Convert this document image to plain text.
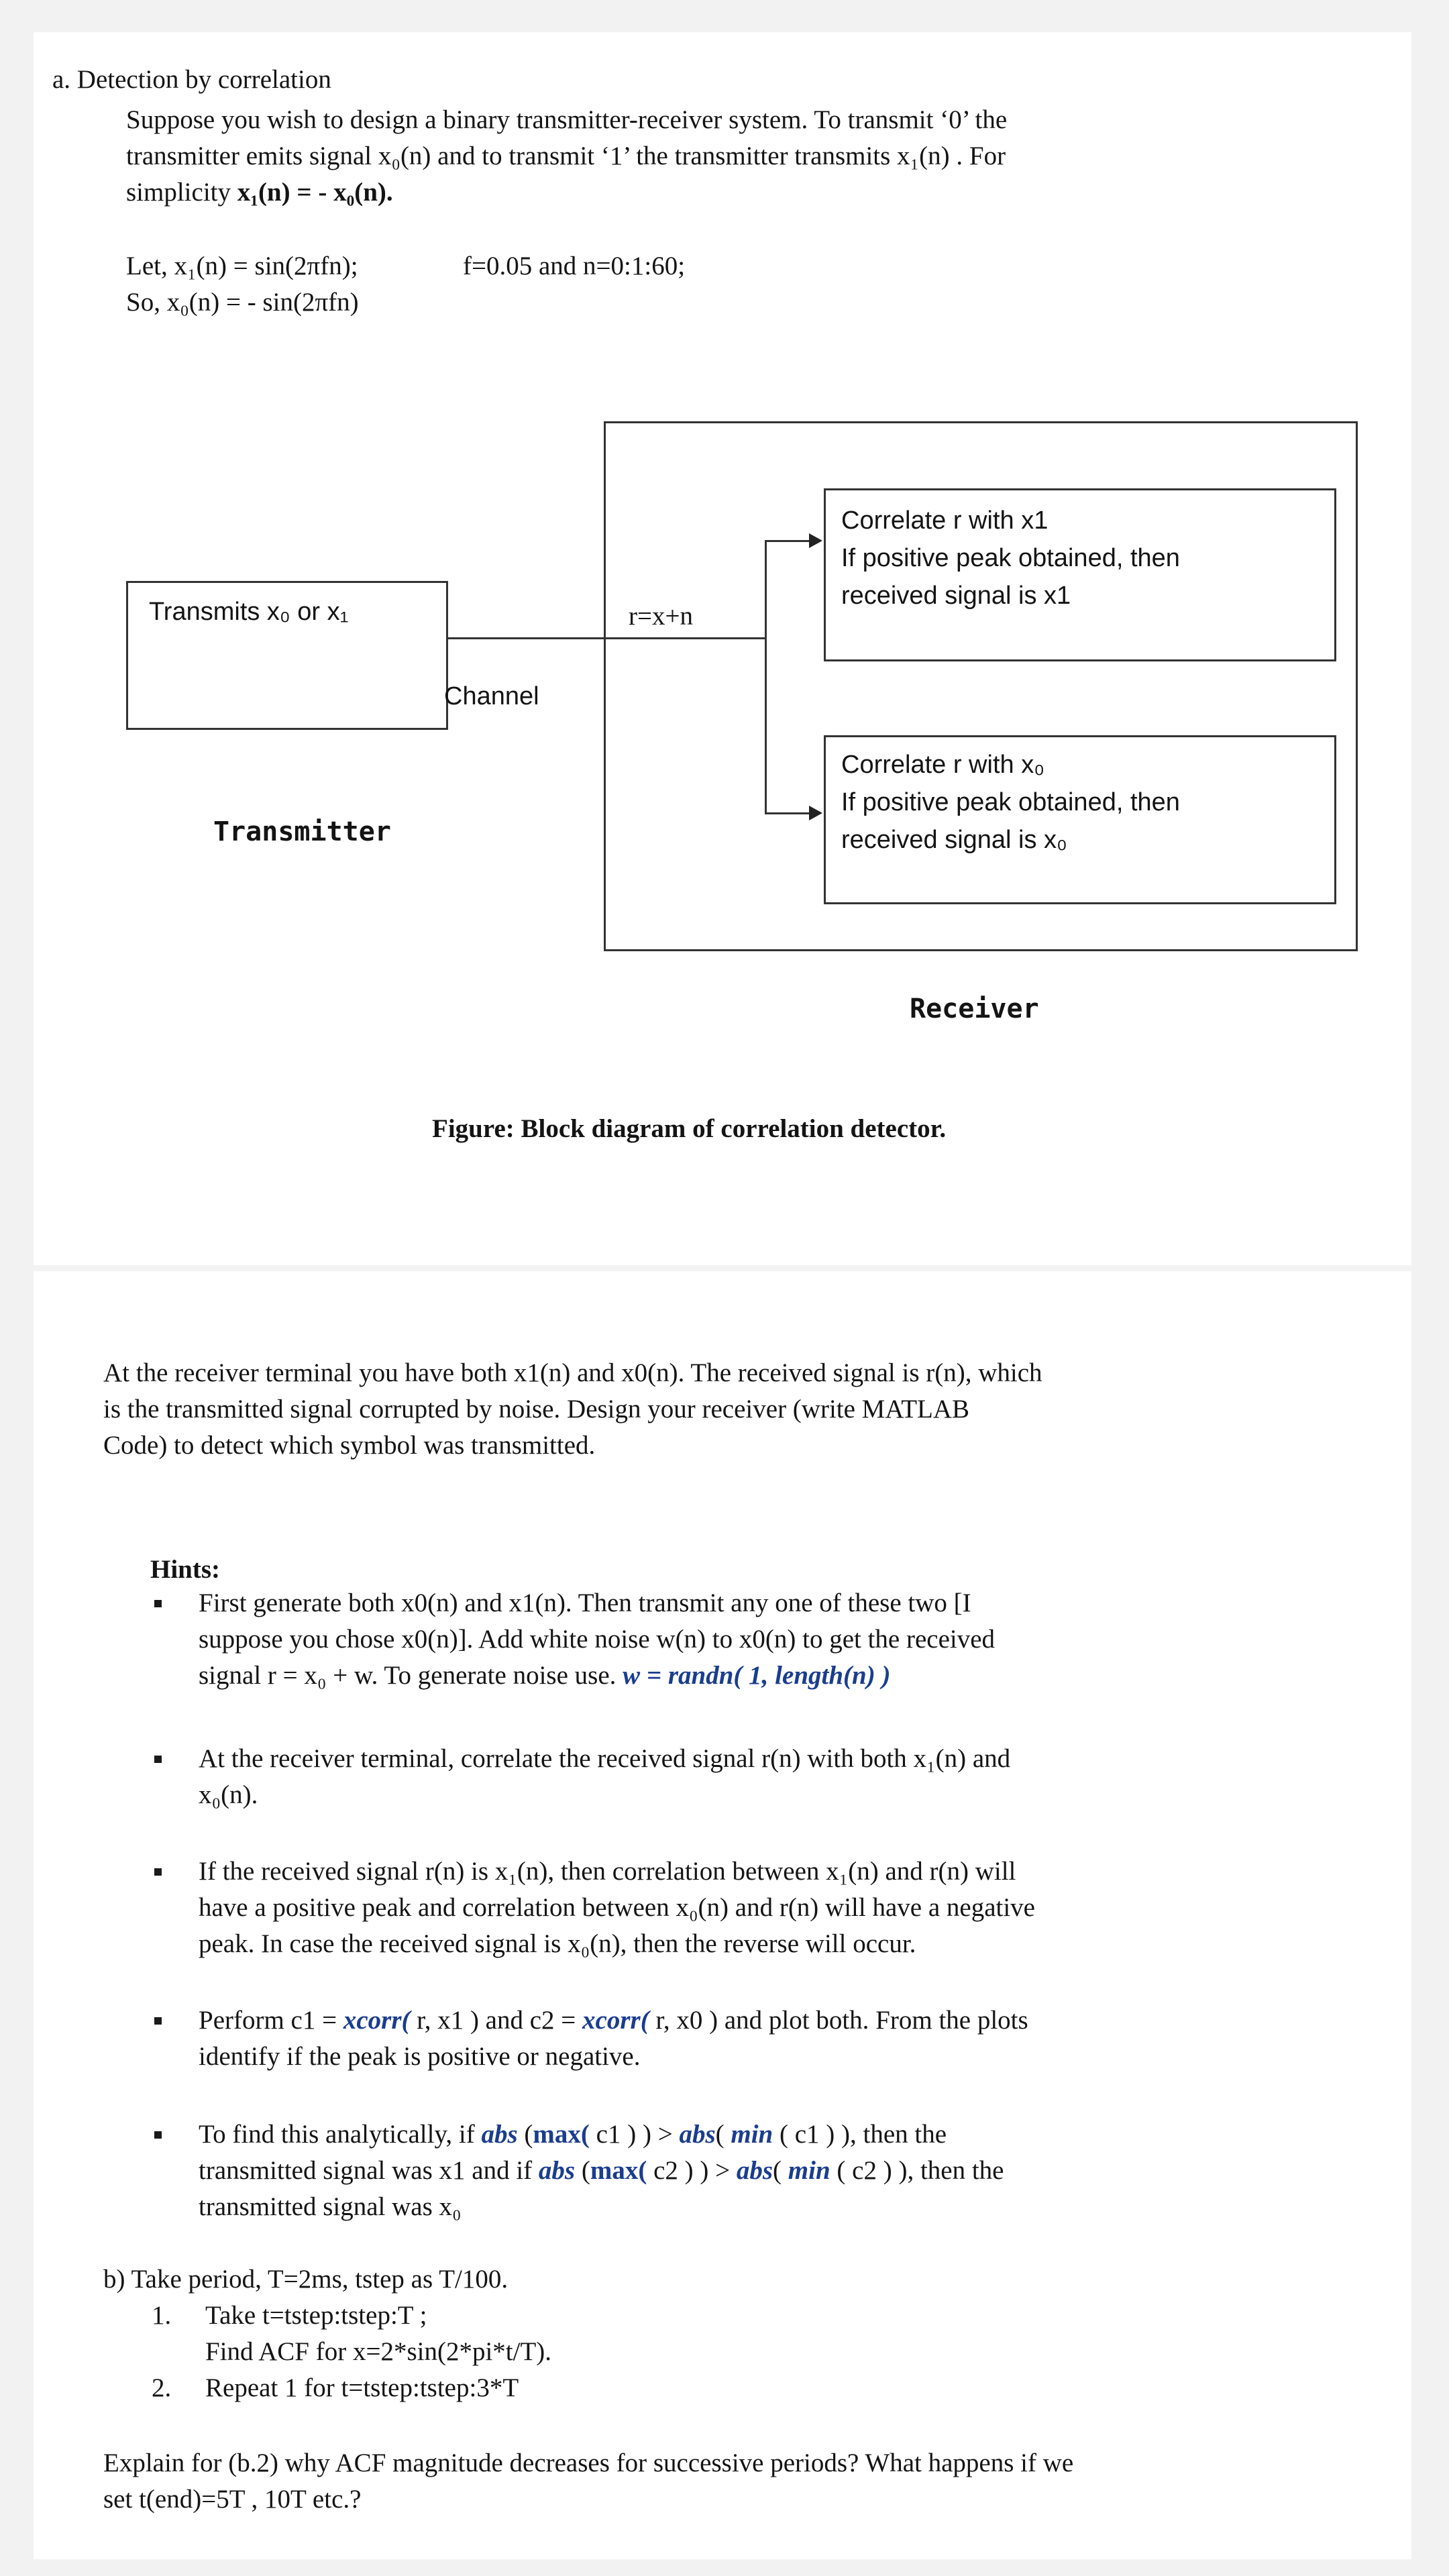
a. Detection by correlation
Suppose you wish to design a binary transmitter-receiver system. To transmit ‘0’ the
transmitter emits signal x₀(n) and to transmit ‘1’ the transmitter transmits x₁(n) . For
simplicity x₁(n) = - x₀(n).
Let, x₁(n) = sin(2πfn);	f=0.05 and n=0:1:60;
So, x₀(n) = - sin(2πfn)
Transmits x₀ or x₁
Channel
r=x+n
Correlate r with x1
If positive peak obtained, then
received signal is x1
Correlate r with x₀
If positive peak obtained, then
received signal is x₀
Transmitter
Receiver
Figure: Block diagram of correlation detector.
At the receiver terminal you have both x1(n) and x0(n). The received signal is r(n), which
is the transmitted signal corrupted by noise. Design your receiver (write MATLAB
Code) to detect which symbol was transmitted.
Hints:
First generate both x0(n) and x1(n). Then transmit any one of these two [I
suppose you chose x0(n)]. Add white noise w(n) to x0(n) to get the received
signal r = x₀ + w. To generate noise use. w = randn( 1, length(n) )
At the receiver terminal, correlate the received signal r(n) with both x₁(n) and
x₀(n).
If the received signal r(n) is x₁(n), then correlation between x₁(n) and r(n) will
have a positive peak and correlation between x₀(n) and r(n) will have a negative
peak. In case the received signal is x₀(n), then the reverse will occur.
Perform c1 = xcorr( r, x1 ) and c2 = xcorr( r, x0 ) and plot both. From the plots
identify if the peak is positive or negative.
To find this analytically, if abs (max( c1 ) ) > abs( min ( c1 ) ), then the
transmitted signal was x1 and if abs (max( c2 ) ) > abs( min ( c2 ) ), then the
transmitted signal was x₀
b) Take period, T=2ms, tstep as T/100.
1. Take t=tstep:tstep:T ;
Find ACF for x=2*sin(2*pi*t/T).
2. Repeat 1 for t=tstep:tstep:3*T
Explain for (b.2) why ACF magnitude decreases for successive periods? What happens if we
set t(end)=5T , 10T etc.?
